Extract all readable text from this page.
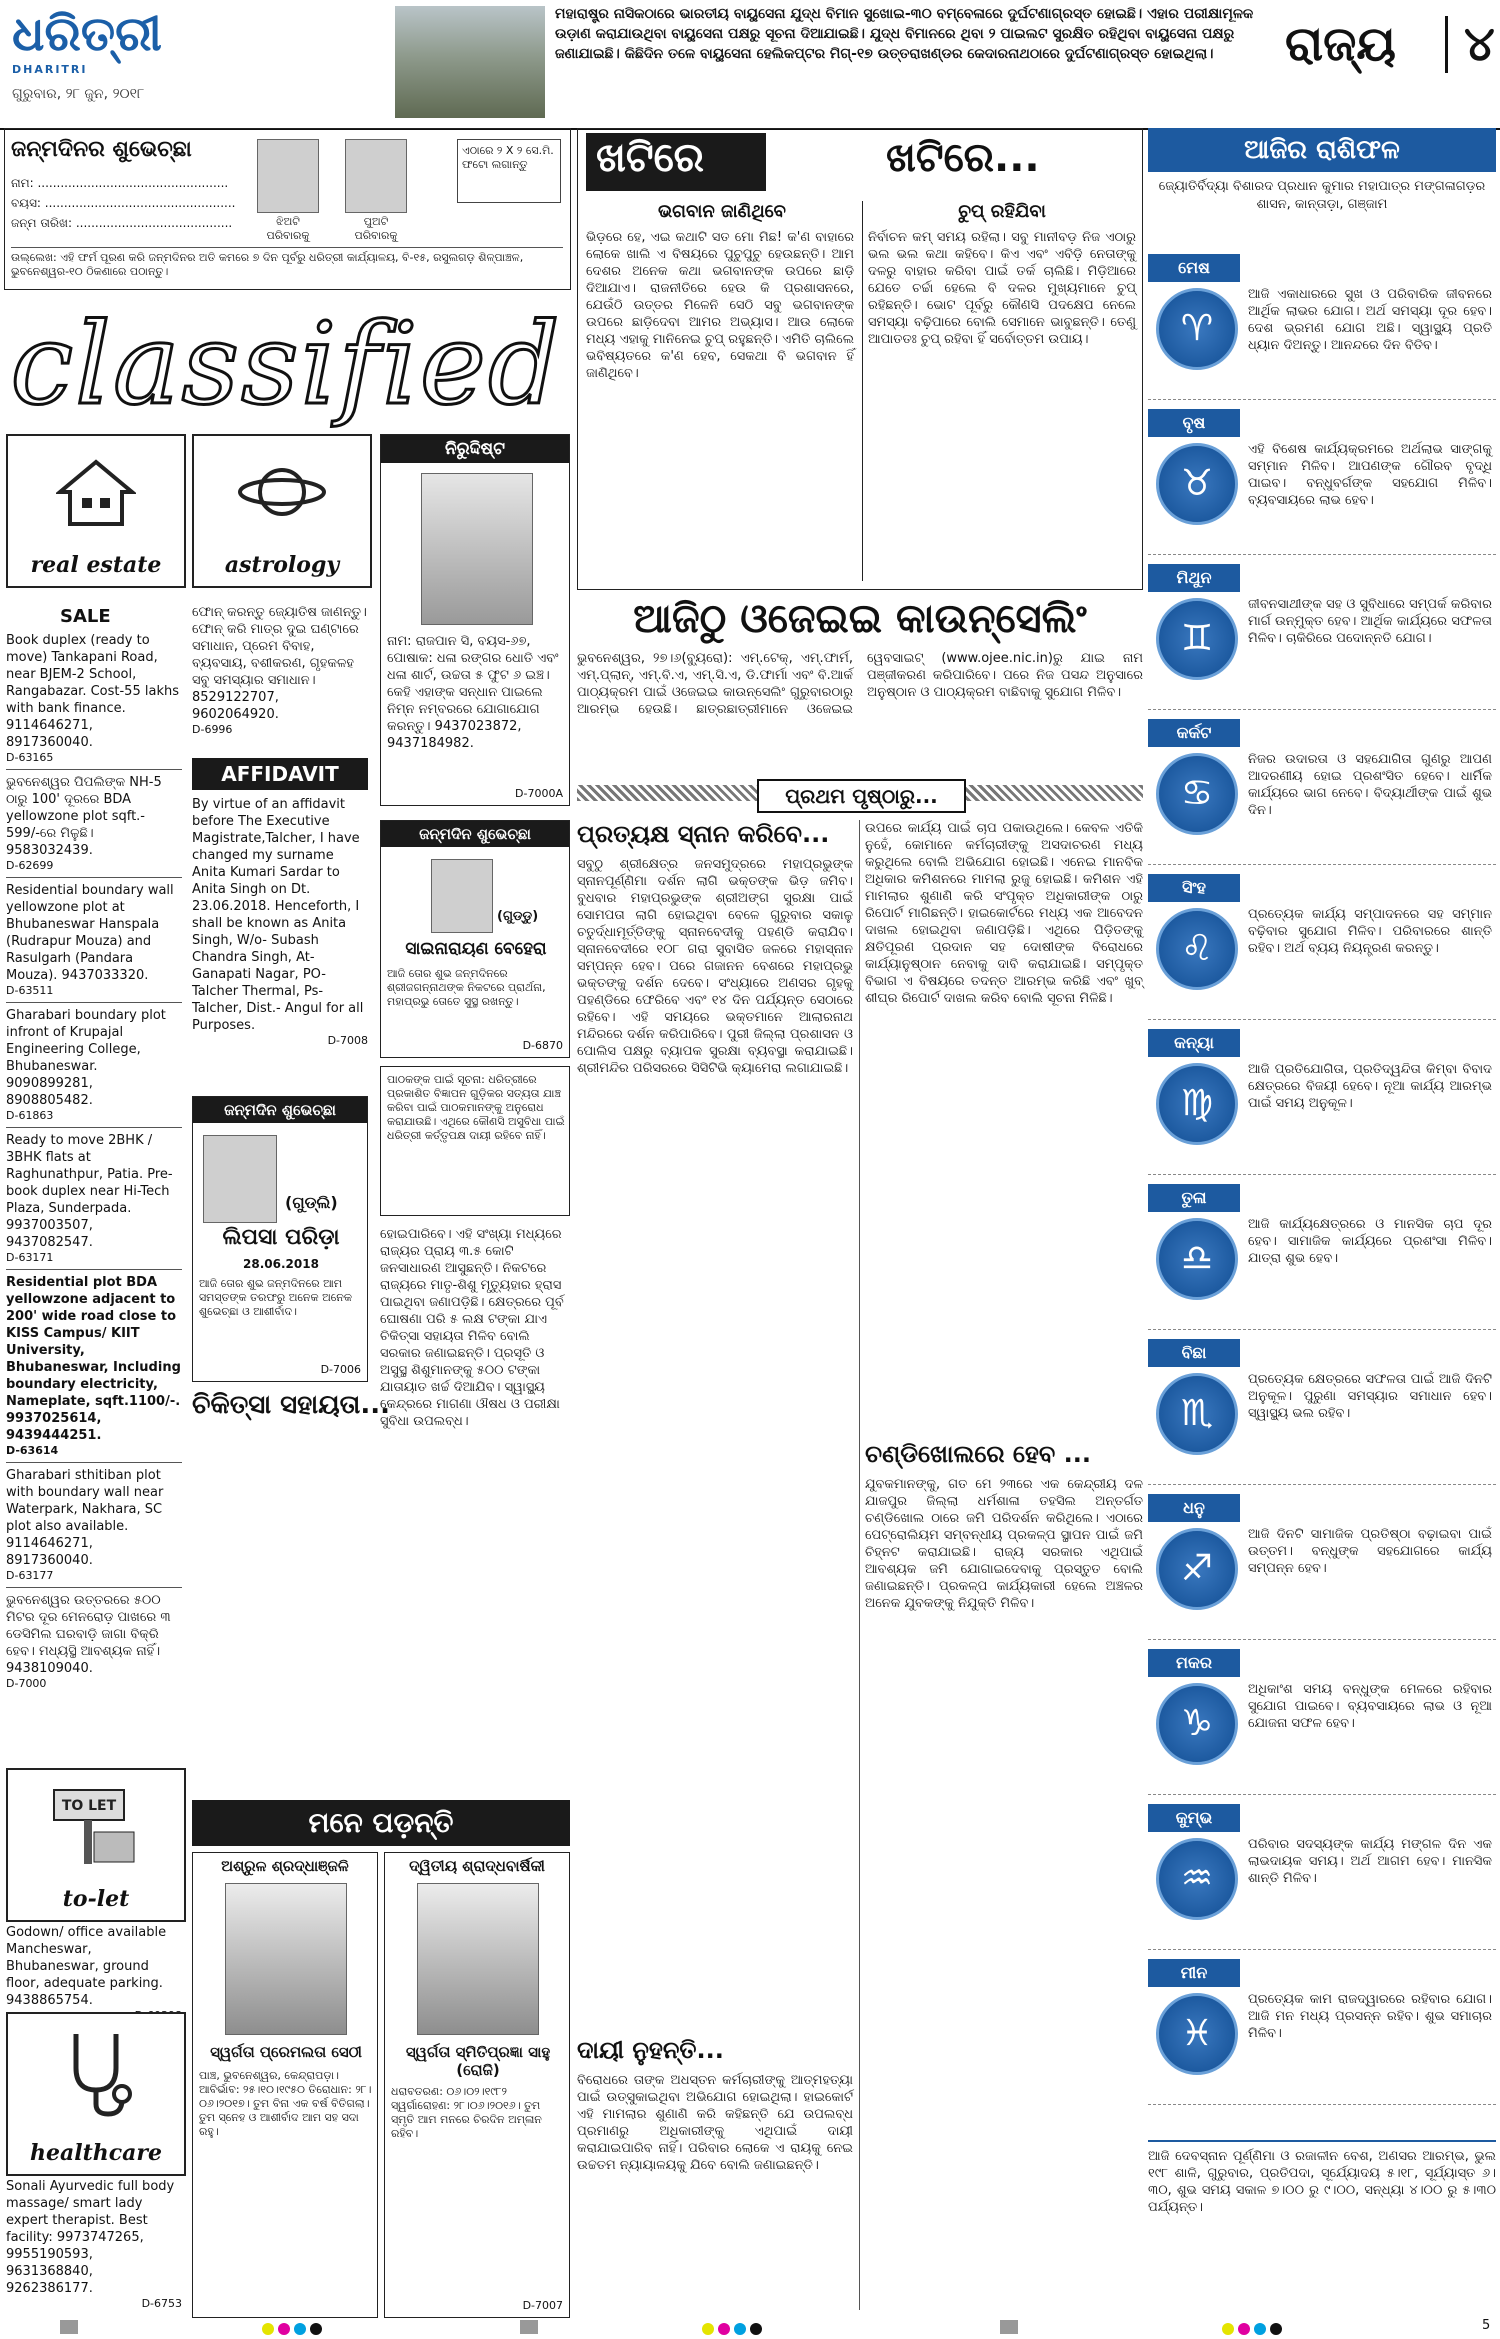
ଧରିତ୍ରୀ
DHARITRI
ଗୁରୁବାର, ୨୮ ଜୁନ, ୨୦୧୮
ମହାରାଷ୍ଟ୍ର ନାସିକଠାରେ ଭାରତୀୟ ବାୟୁସେନା ଯୁଦ୍ଧ ବିମାନ ସୁଖୋଇ-୩୦ ବମ୍ବେଳାରେ ଦୁର୍ଘଟଣାଗ୍ରସ୍ତ ହୋଇଛି। ଏହାର ପରୀକ୍ଷାମୂଳକ ଉଡ଼ାଣ କରାଯାଉଥିବା ବାୟୁସେନା ପକ୍ଷରୁ ସୂଚନା ଦିଆଯାଇଛି। ଯୁଦ୍ଧ ବିମାନରେ ଥିବା ୨ ପାଇଲଟ ସୁରକ୍ଷିତ ରହିଥିବା ବାୟୁସେନା ପକ୍ଷରୁ ଜଣାଯାଇଛି। କିଛିଦିନ ତଳେ ବାୟୁସେନା ହେଲିକପ୍ଟର ମିଗ୍-୧୭ ଉତ୍ତରାଖଣ୍ଡର କେଦାରନାଥଠାରେ ଦୁର୍ଘଟଣାଗ୍ରସ୍ତ ହୋଇଥିଲା।	ରାଜ୍ୟ	୪
ଜନ୍ମଦିନର ଶୁଭେଚ୍ଛା
ନାମ: ..................................................
ବୟସ: ..................................................
ଜନ୍ମ ତାରିଖ: .........................................	ଝିଅଟି ପରିବାରକୁ
ପୁଅଟି ପରିବାରକୁ
ଏଠାରେ ୨ X ୨ ସେ.ମି. ଫଟୋ ଲଗାନ୍ତୁ
ଉଲ୍ଲେଖ: ଏହି ଫର୍ମ ପୂରଣ କରି ଜନ୍ମଦିନର ଅତି କମରେ ୭ ଦିନ ପୂର୍ବରୁ ଧରିତ୍ରୀ କାର୍ଯ୍ୟାଳୟ, ବି-୧୫, ରସୁଲଗଡ଼ ଶିଳ୍ପାଞ୍ଚଳ, ଭୁବନେଶ୍ୱର-୧୦ ଠିକଣାରେ ପଠାନ୍ତୁ।
classified
real estate
SALE
Book duplex (ready to move) Tankapani Road, near BJEM-2 School, Rangabazar. Cost-55 lakhs with bank finance. 9114646271, 8917360040.
D-63165
ଭୁବନେଶ୍ୱର ପିପଲିଙ୍କ NH-5 ଠାରୁ 100' ଦୂରରେ BDA yellowzone plot sqft.- 599/-ରେ ମିଳୁଛି। 9583032439.
D-62699
Residential boundary wall yellowzone plot at Bhubaneswar Hanspala (Rudrapur Mouza) and Rasulgarh (Pandara Mouza). 9437033320.
D-63511
Gharabari boundary plot infront of Krupajal Engineering College, Bhubaneswar. 9090899281, 8908805482.
D-61863
Ready to move 2BHK / 3BHK flats at Raghunathpur, Patia. Pre-book duplex near Hi-Tech Plaza, Sunderpada. 9937003507, 9437082547.
D-63171
Residential plot BDA yellowzone adjacent to 200' wide road close to KISS Campus/ KIIT University, Bhubaneswar, Including boundary electricity, Nameplate, sqft.1100/-. 9937025614, 9439444251.
D-63614
Gharabari sthitiban plot with boundary wall near Waterpark, Nakhara, SC plot also available. 9114646271, 8917360040.
D-63177
ଭୁବନେଶ୍ୱର ଉତ୍ତରରେ ୫୦୦ ମିଟର ଦୂର ମେନରୋଡ଼ ପାଖରେ ୩ ଡେସିମିଲ ଘରବାଡ଼ି ଜାଗା ବିକ୍ରି ହେବ। ମଧ୍ୟସ୍ଥି ଆବଶ୍ୟକ ନାହିଁ। 9438109040.
D-7000
TO LET
to-let
Godown/ office available Mancheswar, Bhubaneswar, ground floor, adequate parking. 9438865754.
healthcare
Sonali Ayurvedic full body massage/ smart lady expert therapist. Best facility: 9973747265, 9955190593, 9631368840, 9262386177.
D-6753
astrology
ଫୋନ୍ କରନ୍ତୁ ଜ୍ୟୋତିଷ ଜାଣନ୍ତୁ। ଫୋନ୍ କରି ମାତ୍ର ଦୁଇ ଘଣ୍ଟାରେ ସମାଧାନ, ପ୍ରେମ ବିବାହ, ବ୍ୟବସାୟ, ବଶୀକରଣ, ଗୃହକଳହ ସବୁ ସମସ୍ୟାର ସମାଧାନ। 8529122707, 9602064920.
D-6996
AFFIDAVIT
By virtue of an affidavit before The Executive Magistrate,Talcher, I have changed my surname Anita Kumari Sardar to Anita Singh on Dt. 23.06.2018. Henceforth, I shall be known as Anita Singh, W/o- Subash Chandra Singh, At-Ganapati Nagar, PO-Talcher Thermal, Ps-Talcher, Dist.- Angul for all Purposes.
D-7008
ଜନ୍ମଦିନ ଶୁଭେଚ୍ଛା
(ଗୁଡ୍ଲି)
ଲିପସା ପରିଡ଼ା
28.06.2018
ଆଜି ତୋର ଶୁଭ ଜନ୍ମଦିନରେ ଆମ ସମସ୍ତଙ୍କ ତରଫରୁ ଅନେକ ଅନେକ ଶୁଭେଚ୍ଛା ଓ ଆଶୀର୍ବାଦ।
D-7006
ଚିକିତ୍ସା ସହାୟତା...
ନିରୁଦ୍ଦିଷ୍ଟ
ନାମ: ରାଜପାନ ସି, ବୟସ-୬୭, ପୋଷାକ: ଧଳା ରଙ୍ଗର ଧୋତି ଏବଂ ଧଳା ଶାର୍ଟ, ଉଚ୍ଚତା ୫ ଫୁଟ ୬ ଇଞ୍ଚ। କେହି ଏହାଙ୍କ ସନ୍ଧାନ ପାଇଲେ ନିମ୍ନ ନମ୍ବରରେ ଯୋଗାଯୋଗ କରନ୍ତୁ। 9437023872, 9437184982.
D-7000A
ଜନ୍ମଦିନ ଶୁଭେଚ୍ଛା
(ଗୁଡ୍ଡୁ)
ସାଇନାରାୟଣ ବେହେରା
ଆଜି ତୋର ଶୁଭ ଜନ୍ମଦିନରେ ଶ୍ରୀଜଗନ୍ନାଥଙ୍କ ନିକଟରେ ପ୍ରାର୍ଥନା, ମହାପ୍ରଭୁ ତୋତେ ସୁସ୍ଥ ରଖନ୍ତୁ।
D-6870
ପାଠକଙ୍କ ପାଇଁ ସୂଚନା: ଧରିତ୍ରୀରେ ପ୍ରକାଶିତ ବିଜ୍ଞାପନ ଗୁଡ଼ିକର ସତ୍ୟତା ଯାଞ୍ଚ କରିବା ପାଇଁ ପାଠକମାନଙ୍କୁ ଅନୁରୋଧ କରାଯାଉଛି। ଏଥିରେ କୌଣସି ଅସୁବିଧା ପାଇଁ ଧରିତ୍ରୀ କର୍ତ୍ତୃପକ୍ଷ ଦାୟୀ ରହିବେ ନାହିଁ।
ହୋଇପାରିବେ। ଏହି ସଂଖ୍ୟା ମଧ୍ୟରେ ରାଜ୍ୟର ପ୍ରାୟ ୩.୫ କୋଟି ଜନସାଧାରଣ ଆସୁଛନ୍ତି। ନିକଟରେ ରାଜ୍ୟରେ ମାତୃ-ଶିଶୁ ମୃତ୍ୟୁହାର ହ୍ରାସ ପାଇଥିବା ଜଣାପଡ଼ିଛି। କ୍ଷେତ୍ରରେ ପୂର୍ବ ଘୋଷଣା ପରି ୫ ଲକ୍ଷ ଟଙ୍କା ଯାଏ ଚିକିତ୍ସା ସହାୟତା ମିଳିବ ବୋଲି ସରକାର ଜଣାଇଛନ୍ତି। ପ୍ରସୂତି ଓ ଅସୁସ୍ଥ ଶିଶୁମାନଙ୍କୁ ୫୦୦ ଟଙ୍କା ଯାତାୟାତ ଖର୍ଚ୍ଚ ଦିଆଯିବ। ସ୍ୱାସ୍ଥ୍ୟ କେନ୍ଦ୍ରରେ ମାଗଣା ଔଷଧ ଓ ପରୀକ୍ଷା ସୁବିଧା ଉପଲବ୍ଧ।
ମନେ ପଡ଼ନ୍ତି
ଅଶ୍ରୁଳ ଶ୍ରଦ୍ଧାଞ୍ଜଳି
ସ୍ୱର୍ଗତା ପ୍ରେମଲତା ସେଠୀ
ପାଞ୍ଚ, ଭୁବନେଶ୍ୱର, କେନ୍ଦ୍ରାପଡ଼ା। ଆବିର୍ଭାବ: ୨୫।୧୦।୧୯୫୦ ତିରୋଧାନ: ୨୮।୦୬।୨୦୧୭। ତୁମ ବିନା ଏକ ବର୍ଷ ବିତିଗଲା। ତୁମ ସ୍ନେହ ଓ ଆଶୀର୍ବାଦ ଆମ ସହ ସଦା ରହୁ।
ଦ୍ୱିତୀୟ ଶ୍ରାଦ୍ଧବାର୍ଷିକୀ
ସ୍ୱର୍ଗତା ସ୍ମିତିପ୍ରଜ୍ଞା ସାହୁ (ରୋଜି)
ଧରାବତରଣ: ୦୬।୦୨।୧୯୮୨ ସ୍ୱର୍ଗାରୋହଣ: ୨୮।୦୬।୨୦୧୬। ତୁମ ସ୍ମୃତି ଆମ ମନରେ ଚିରଦିନ ଅମ୍ଳାନ ରହିବ।
D-7007
ଖଟିରେ	ଖଟିରେ...
ଭଗବାନ ଜାଣିଥିବେ
ଭିଡ଼ରେ ହେ, ଏଇ କଥାଟି ସତ ମୋ ମିଛ! କ'ଣ ବାହାରେ ଲୋକେ ଖାଲି ଏ ବିଷୟରେ ପୁଚୁପୁଚୁ ହେଉଛନ୍ତି। ଆମ ଦେଶର ଅନେକ କଥା ଭଗବାନଙ୍କ ଉପରେ ଛାଡ଼ି ଦିଆଯାଏ। ରାଜନୀତିରେ ହେଉ କି ପ୍ରଶାସନରେ, ଯେଉଁଠି ଉତ୍ତର ମିଳେନି ସେଠି ସବୁ ଭଗବାନଙ୍କ ଉପରେ ଛାଡ଼ିଦେବା ଆମର ଅଭ୍ୟାସ। ଆଉ ଲୋକେ ମଧ୍ୟ ଏହାକୁ ମାନିନେଇ ଚୁପ୍ ରହୁଛନ୍ତି। ଏମିତି ଚାଲିଲେ ଭବିଷ୍ୟତରେ କ'ଣ ହେବ, ସେକଥା ବି ଭଗବାନ ହିଁ ଜାଣିଥିବେ।
ଚୁପ୍ ରହିଯିବା
ନିର୍ବାଚନ କମ୍ ସମୟ ରହିଲା। ସବୁ ମାନୀବଡ଼ ନିଜ ଏଠାରୁ ଭଲ ଭଲ କଥା କହିବେ। କିଏ ଏବଂ ଏବିଡ଼ି ନେତାଙ୍କୁ ଦଳରୁ ବାହାର କରିବା ପାଇଁ ତର୍କ ଚାଲିଛି। ମିଡ଼ିଆରେ ଯେତେ ଚର୍ଚ୍ଚା ହେଲେ ବି ଦଳର ମୁଖ୍ୟମାନେ ଚୁପ୍ ରହିଛନ୍ତି। ଭୋଟ ପୂର୍ବରୁ କୌଣସି ପଦକ୍ଷେପ ନେଲେ ସମସ୍ୟା ବଢ଼ିପାରେ ବୋଲି ସେମାନେ ଭାବୁଛନ୍ତି। ତେଣୁ ଆପାତତଃ ଚୁପ୍ ରହିବା ହିଁ ସର୍ବୋତ୍ତମ ଉପାୟ।
ଆଜିଠୁ ଓଜେଇଇ କାଉନ୍ସେଲିଂ
ଭୁବନେଶ୍ୱର, ୨୭।୬(ବ୍ୟୁରୋ): ଏମ୍.ଟେକ୍, ଏମ୍.ଫାର୍ମ, ଏମ୍.ପ୍ଲାନ୍, ଏମ୍.ବି.ଏ, ଏମ୍.ସି.ଏ, ଡି.ଫାର୍ମା ଏବଂ ବି.ଆର୍କ ପାଠ୍ୟକ୍ରମ ପାଇଁ ଓଜେଇଇ କାଉନ୍ସେଲିଂ ଗୁରୁବାରଠାରୁ ଆରମ୍ଭ ହେଉଛି। ଛାତ୍ରଛାତ୍ରୀମାନେ ଓଜେଇଇ ୱେବସାଇଟ୍ (www.ojee.nic.in)ରୁ ଯାଇ ନାମ ପଞ୍ଜୀକରଣ କରିପାରିବେ। ପରେ ନିଜ ପସନ୍ଦ ଅନୁସାରେ ଅନୁଷ୍ଠାନ ଓ ପାଠ୍ୟକ୍ରମ ବାଛିବାକୁ ସୁଯୋଗ ମିଳିବ।
ପ୍ରଥମ ପୃଷ୍ଠାରୁ...
ପ୍ରତ୍ୟକ୍ଷ ସ୍ନାନ କରିବେ...
ସବୁଠୁ ଶ୍ରୀକ୍ଷେତ୍ର ଜନସମୁଦ୍ରରେ ମହାପ୍ରଭୁଙ୍କ ସ୍ନାନପୂର୍ଣ୍ଣିମା ଦର୍ଶନ ଲାଗି ଭକ୍ତଙ୍କ ଭିଡ଼ ଜମିବ। ବୁଧବାର ମହାପ୍ରଭୁଙ୍କ ଶ୍ରୀଅଙ୍ଗ ସୁରକ୍ଷା ପାଇଁ ସୋମପତା ଲାଗି ହୋଇଥିବା ବେଳେ ଗୁରୁବାର ସକାଳୁ ଚତୁର୍ଦ୍ଧାମୂର୍ତ୍ତିଙ୍କୁ ସ୍ନାନବେଦୀକୁ ପହଣ୍ଡି କରାଯିବ। ସ୍ନାନବେଦୀରେ ୧୦୮ ଗରା ସୁବାସିତ ଜଳରେ ମହାସ୍ନାନ ସମ୍ପନ୍ନ ହେବ। ପରେ ଗଜାନନ ବେଶରେ ମହାପ୍ରଭୁ ଭକ୍ତଙ୍କୁ ଦର୍ଶନ ଦେବେ। ସଂଧ୍ୟାରେ ଅଣସର ଗୃହକୁ ପହଣ୍ଡିରେ ଫେରିବେ ଏବଂ ୧୪ ଦିନ ପର୍ଯ୍ୟନ୍ତ ସେଠାରେ ରହିବେ। ଏହି ସମୟରେ ଭକ୍ତମାନେ ଆଲାରନାଥ ମନ୍ଦିରରେ ଦର୍ଶନ କରିପାରିବେ। ପୁରୀ ଜିଲ୍ଲା ପ୍ରଶାସନ ଓ ପୋଲିସ ପକ୍ଷରୁ ବ୍ୟାପକ ସୁରକ୍ଷା ବ୍ୟବସ୍ଥା କରାଯାଇଛି। ଶ୍ରୀମନ୍ଦିର ପରିସରରେ ସିସିଟିଭି କ୍ୟାମେରା ଲଗାଯାଇଛି।
ଉପରେ କାର୍ଯ୍ୟ ପାଇଁ ଚାପ ପକାଉଥିଲେ। କେବଳ ଏତିକି ନୁହେଁ, କୋମାନେ କର୍ମଚାରୀଙ୍କୁ ଅସଦାଚରଣ ମଧ୍ୟ କରୁଥିଲେ ବୋଲି ଅଭିଯୋଗ ହୋଇଛି। ଏନେଇ ମାନବିକ ଅଧିକାର କମିଶନରେ ମାମଲା ରୁଜୁ ହୋଇଛି। କମିଶନ ଏହି ମାମଲାର ଶୁଣାଣି କରି ସଂପୃକ୍ତ ଅଧିକାରୀଙ୍କ ଠାରୁ ରିପୋର୍ଟ ମାଗିଛନ୍ତି। ହାଇକୋର୍ଟରେ ମଧ୍ୟ ଏକ ଆବେଦନ ଦାଖଲ ହୋଇଥିବା ଜଣାପଡ଼ିଛି। ଏଥିରେ ପିଡ଼ିତଙ୍କୁ କ୍ଷତିପୂରଣ ପ୍ରଦାନ ସହ ଦୋଷୀଙ୍କ ବିରୋଧରେ କାର୍ଯ୍ୟାନୁଷ୍ଠାନ ନେବାକୁ ଦାବି କରାଯାଇଛି। ସମ୍ପୃକ୍ତ ବିଭାଗ ଏ ବିଷୟରେ ତଦନ୍ତ ଆରମ୍ଭ କରିଛି ଏବଂ ଖୁବ୍ ଶୀଘ୍ର ରିପୋର୍ଟ ଦାଖଲ କରିବ ବୋଲି ସୂଚନା ମିଳିଛି।
ଚଣ୍ଡିଖୋଲରେ ହେବ ...
ଯୁବକମାନଙ୍କୁ, ଗତ ମେ ୨୩ରେ ଏକ କେନ୍ଦ୍ରୀୟ ଦଳ ଯାଜପୁର ଜିଲ୍ଲା ଧର୍ମଶାଳା ତହସିଲ ଅନ୍ତର୍ଗତ ଚଣ୍ଡିଖୋଲ ଠାରେ ଜମି ପରିଦର୍ଶନ କରିଥିଲେ। ଏଠାରେ ପେଟ୍ରୋଲିୟମ ସମ୍ବନ୍ଧୀୟ ପ୍ରକଳ୍ପ ସ୍ଥାପନ ପାଇଁ ଜମି ଚିହ୍ନଟ କରାଯାଇଛି। ରାଜ୍ୟ ସରକାର ଏଥିପାଇଁ ଆବଶ୍ୟକ ଜମି ଯୋଗାଇଦେବାକୁ ପ୍ରସ୍ତୁତ ବୋଲି ଜଣାଇଛନ୍ତି। ପ୍ରକଳ୍ପ କାର୍ଯ୍ୟକାରୀ ହେଲେ ଅଞ୍ଚଳର ଅନେକ ଯୁବକଙ୍କୁ ନିଯୁକ୍ତି ମିଳିବ।
ଦାୟୀ ନୁହନ୍ତି...
ବିରୋଧରେ ତାଙ୍କ ଅଧସ୍ତନ କର୍ମଚାରୀଙ୍କୁ ଆତ୍ମହତ୍ୟା ପାଇଁ ଉତ୍ସୁକାଇଥିବା ଅଭିଯୋଗ ହୋଇଥିଲା। ହାଇକୋର୍ଟ ଏହି ମାମଲାର ଶୁଣାଣି କରି କହିଛନ୍ତି ଯେ ଉପଲବ୍ଧ ପ୍ରମାଣରୁ ଅଧିକାରୀଙ୍କୁ ଏଥିପାଇଁ ଦାୟୀ କରାଯାଇପାରିବ ନାହିଁ। ପରିବାର ଲୋକେ ଏ ରାୟକୁ ନେଇ ଉଚ୍ଚତମ ନ୍ୟାୟାଳୟକୁ ଯିବେ ବୋଲି ଜଣାଇଛନ୍ତି।
ଆଜିର ରାଶିଫଳ
ଜ୍ୟୋତିର୍ବିଦ୍ୟା ବିଶାରଦ ପ୍ରଧାନ କୁମାର ମହାପାତ୍ର ମଙ୍ଗଳାଗଡ଼ର ଶାସନ, କାନ୍ତାଡ଼ା, ଗଞ୍ଜାମ
ମେଷ
♈
ଆଜି ଏକାଧାରରେ ସୁଖ ଓ ପରିବାରିକ ଜୀବନରେ ଆର୍ଥିକ ଲାଭର ଯୋଗ। ଅର୍ଥ ସମସ୍ୟା ଦୂର ହେବ। ଦେଶ ଭ୍ରମଣ ଯୋଗ ଅଛି। ସ୍ୱାସ୍ଥ୍ୟ ପ୍ରତି ଧ୍ୟାନ ଦିଅନ୍ତୁ। ଆନନ୍ଦରେ ଦିନ ବିତିବ।
ବୃଷ
♉
ଏହି ବିଶେଷ କାର୍ଯ୍ୟକ୍ରମରେ ଅର୍ଥଲାଭ ସାଙ୍ଗକୁ ସମ୍ମାନ ମିଳିବ। ଆପଣଙ୍କ ଗୌରବ ବୃଦ୍ଧି ପାଇବ। ବନ୍ଧୁବର୍ଗଙ୍କ ସହଯୋଗ ମିଳିବ। ବ୍ୟବସାୟରେ ଲାଭ ହେବ।
ମିଥୁନ
♊
ଜୀବନସାଥୀଙ୍କ ସହ ଓ ସୁବିଧାରେ ସମ୍ପର୍କ କରିବାର ମାର୍ଗ ଉନ୍ମୁକ୍ତ ହେବ। ଆର୍ଥିକ କାର୍ଯ୍ୟରେ ସଫଳତା ମିଳିବ। ଚାକିରିରେ ପଦୋନ୍ନତି ଯୋଗ।
କର୍କଟ
♋
ନିଜର ଉଦାରତା ଓ ସହଯୋଗିତା ଗୁଣରୁ ଆପଣ ଆଦରଣୀୟ ହୋଇ ପ୍ରଶଂସିତ ହେବେ। ଧାର୍ମିକ କାର୍ଯ୍ୟରେ ଭାଗ ନେବେ। ବିଦ୍ୟାର୍ଥୀଙ୍କ ପାଇଁ ଶୁଭ ଦିନ।
ସିଂହ
♌
ପ୍ରତ୍ୟେକ କାର୍ଯ୍ୟ ସମ୍ପାଦନରେ ସହ ସମ୍ମାନ ବଢ଼ିବାର ସୁଯୋଗ ମିଳିବ। ପରିବାରରେ ଶାନ୍ତି ରହିବ। ଅର୍ଥ ବ୍ୟୟ ନିୟନ୍ତ୍ରଣ କରନ୍ତୁ।
କନ୍ୟା
♍
ଆଜି ପ୍ରତିଯୋଗିତା, ପ୍ରତିଦ୍ୱନ୍ଦିତା କିମ୍ବା ବିବାଦ କ୍ଷେତ୍ରରେ ବିଜୟୀ ହେବେ। ନୂଆ କାର୍ଯ୍ୟ ଆରମ୍ଭ ପାଇଁ ସମୟ ଅନୁକୂଳ।
ତୁଳା
♎
ଆଜି କାର୍ଯ୍ୟକ୍ଷେତ୍ରରେ ଓ ମାନସିକ ଚାପ ଦୂର ହେବ। ସାମାଜିକ କାର୍ଯ୍ୟରେ ପ୍ରଶଂସା ମିଳିବ। ଯାତ୍ରା ଶୁଭ ହେବ।
ବିଛା
♏
ପ୍ରତ୍ୟେକ କ୍ଷେତ୍ରରେ ସଫଳତା ପାଇଁ ଆଜି ଦିନଟି ଅନୁକୂଳ। ପୁରୁଣା ସମସ୍ୟାର ସମାଧାନ ହେବ। ସ୍ୱାସ୍ଥ୍ୟ ଭଲ ରହିବ।
ଧନୁ
♐
ଆଜି ଦିନଟି ସାମାଜିକ ପ୍ରତିଷ୍ଠା ବଢ଼ାଇବା ପାଇଁ ଉତ୍ତମ। ବନ୍ଧୁଙ୍କ ସହଯୋଗରେ କାର୍ଯ୍ୟ ସମ୍ପନ୍ନ ହେବ।
ମକର
♑
ଅଧିକାଂଶ ସମୟ ବନ୍ଧୁଙ୍କ ମେଳରେ ରହିବାର ସୁଯୋଗ ପାଇବେ। ବ୍ୟବସାୟରେ ଲାଭ ଓ ନୂଆ ଯୋଜନା ସଫଳ ହେବ।
କୁମ୍ଭ
♒
ପରିବାର ସଦସ୍ୟଙ୍କ କାର୍ଯ୍ୟ ମଙ୍ଗଳ ଦିନ ଏକ ଲାଭଦାୟକ ସମୟ। ଅର୍ଥ ଆଗମ ହେବ। ମାନସିକ ଶାନ୍ତି ମିଳିବ।
ମୀନ
♓
ପ୍ରତ୍ୟେକ କାମ ରାଜଦ୍ୱାରରେ ରହିବାର ଯୋଗ। ଆଜି ମନ ମଧ୍ୟ ପ୍ରସନ୍ନ ରହିବ। ଶୁଭ ସମାଚାର ମିଳିବ।
ଆଜି ଦେବସ୍ନାନ ପୂର୍ଣ୍ଣିମା ଓ ରଜାଳୀନ ବେଶ, ଅଣସର ଆରମ୍ଭ, ଭୁଲ ୧୯୮ ଶାଳି, ଗୁରୁବାର, ପ୍ରତିପଦା, ସୂର୍ଯ୍ୟୋଦୟ ୫।୧୮, ସୂର୍ଯ୍ୟାସ୍ତ ୬।୩୦, ଶୁଭ ସମୟ ସକାଳ ୭।୦୦ ରୁ ୯।୦୦, ସନ୍ଧ୍ୟା ୪।୦୦ ରୁ ୫।୩୦ ପର୍ଯ୍ୟନ୍ତ।
5
